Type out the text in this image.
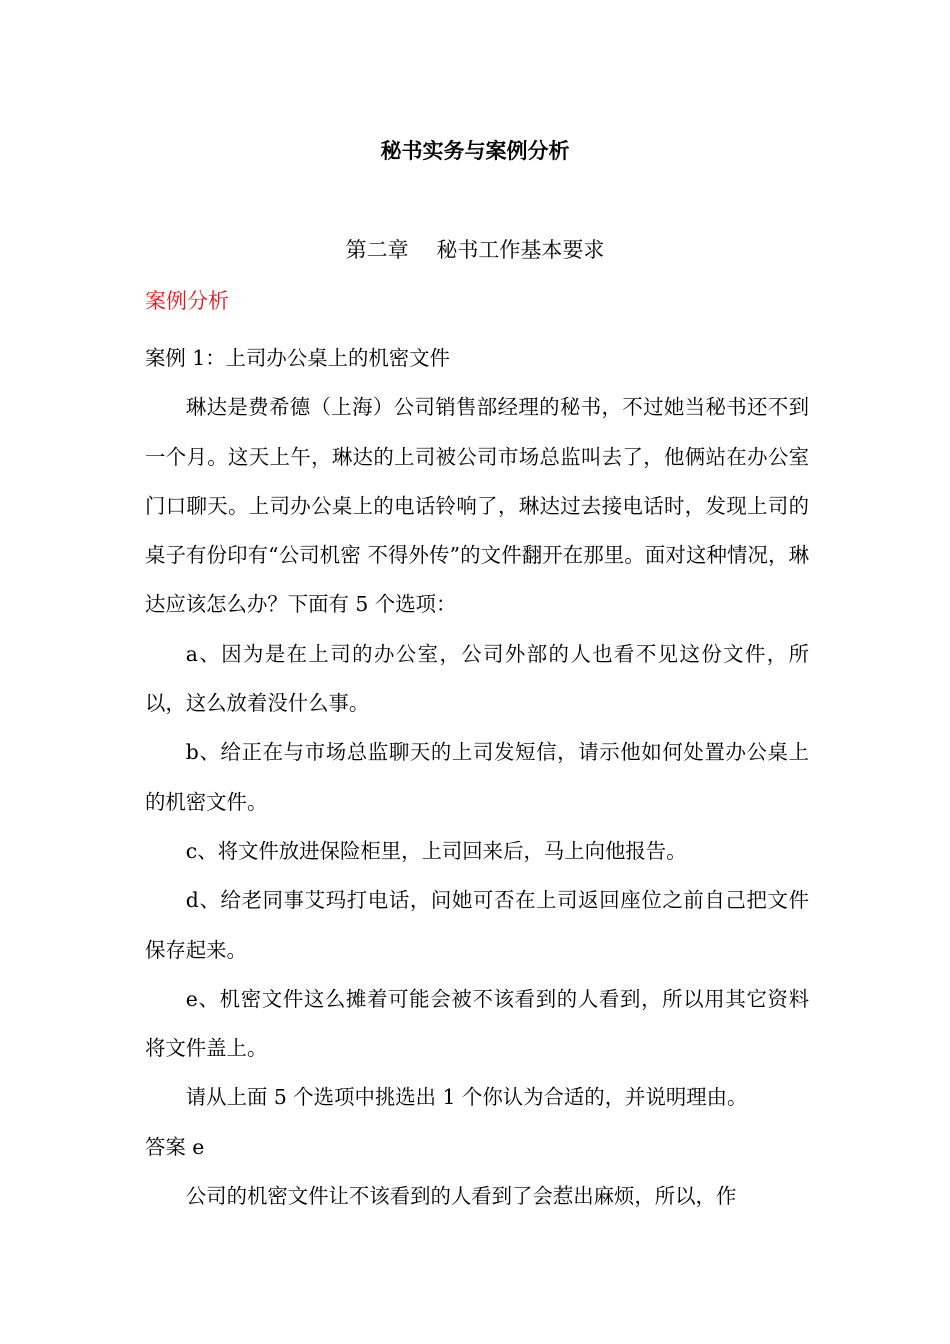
秘书实务与案例分析
第二章　 秘书工作基本要求
案例分析

案例 1：上司办公桌上的机密文件

琳达是费希德（上海）公司销售部经理的秘书，不过她当秘书还不到一个月。这天上午，琳达的上司被公司市场总监叫去了，他俩站在办公室门口聊天。上司办公桌上的电话铃响了，琳达过去接电话时，发现上司的桌子有份印有“公司机密 不得外传”的文件翻开在那里。面对这种情况，琳达应该怎么办？下面有 5 个选项：

a、因为是在上司的办公室，公司外部的人也看不见这份文件，所以，这么放着没什么事。

b、给正在与市场总监聊天的上司发短信，请示他如何处置办公桌上的机密文件。

c、将文件放进保险柜里，上司回来后，马上向他报告。

d、给老同事艾玛打电话，问她可否在上司返回座位之前自己把文件保存起来。

e、机密文件这么摊着可能会被不该看到的人看到，所以用其它资料将文件盖上。

请从上面 5 个选项中挑选出 1 个你认为合适的，并说明理由。

答案 e

公司的机密文件让不该看到的人看到了会惹出麻烦，所以，作
